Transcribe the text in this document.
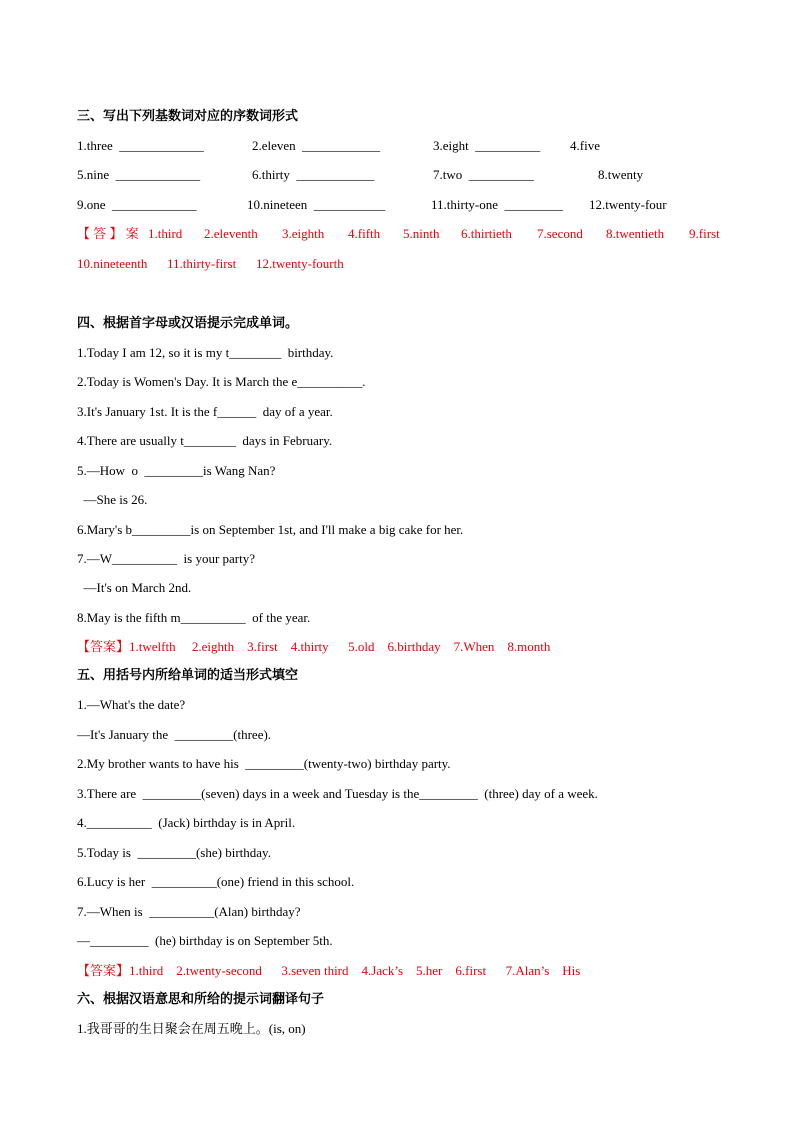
三、写出下列基数词对应的序数词形式
1.three  _____________	2.eleven  ____________	3.eight  __________ 4.five
5.nine  _____________	6.thirty  ____________	7.two  __________	8.twenty
9.one  _____________	10.nineteen  ___________	11.thirty-one  _________ 12.twenty-four
【 答 】 案 1.third 2.eleventh 3.eighth 4.fifth 5.ninth 6.thirtieth 7.second 8.twentieth 9.first
10.nineteenth 11.thirty-first 12.twenty-fourth
四、根据首字母或汉语提示完成单词。
1.Today I am 12, so it is my t________  birthday.
2.Today is Women's Day. It is March the e__________.
3.It's January 1st. It is the f______  day of a year.
4.There are usually t________  days in February.
5.—How  o  _________is Wang Nan?
—She is 26.
6.Mary's b_________is on September 1st, and I'll make a big cake for her.
7.—W__________  is your party?
—It's on March 2nd.
8.May is the fifth m__________  of the year.
【答案】1.twelfth     2.eighth    3.first    4.thirty      5.old    6.birthday    7.When    8.month
五、用括号内所给单词的适当形式填空
1.—What's the date?
—It's January the  _________(three).
2.My brother wants to have his  _________(twenty-two) birthday party.
3.There are  _________(seven) days in a week and Tuesday is the_________  (three) day of a week.
4.__________  (Jack) birthday is in April.
5.Today is  _________(she) birthday.
6.Lucy is her  __________(one) friend in this school.
7.—When is  __________(Alan) birthday?
—_________  (he) birthday is on September 5th.
【答案】1.third    2.twenty-second      3.seven third    4.Jack’s    5.her    6.first      7.Alan’s    His
六、根据汉语意思和所给的提示词翻译句子
1.我哥哥的生日聚会在周五晚上。(is, on)
